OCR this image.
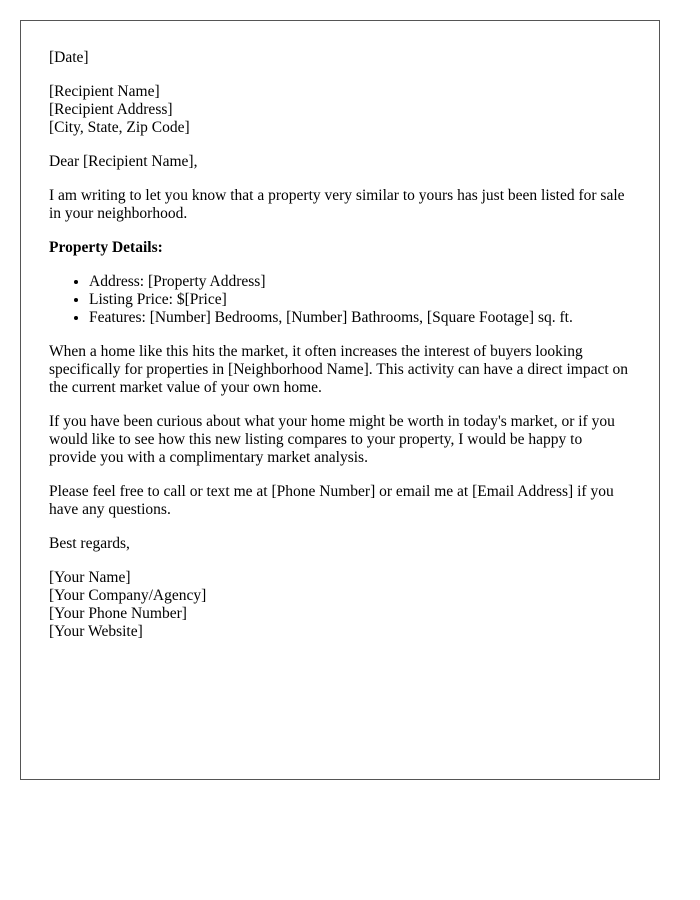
[Date]
[Recipient Name]
[Recipient Address]
[City, State, Zip Code]

Dear [Recipient Name],

I am writing to let you know that a property very similar to yours has just been listed for sale in your neighborhood.

Property Details:
• Address: [Property Address]
• Listing Price: $[Price]
• Features: [Number] Bedrooms, [Number] Bathrooms, [Square Footage] sq. ft.

When a home like this hits the market, it often increases the interest of buyers looking specifically for properties in [Neighborhood Name]. This activity can have a direct impact on the current market value of your own home.

If you have been curious about what your home might be worth in today's market, or if you would like to see how this new listing compares to your property, I would be happy to provide you with a complimentary market analysis.

Please feel free to call or text me at [Phone Number] or email me at [Email Address] if you have any questions.

Best regards,

[Your Name]
[Your Company/Agency]
[Your Phone Number]
[Your Website]
